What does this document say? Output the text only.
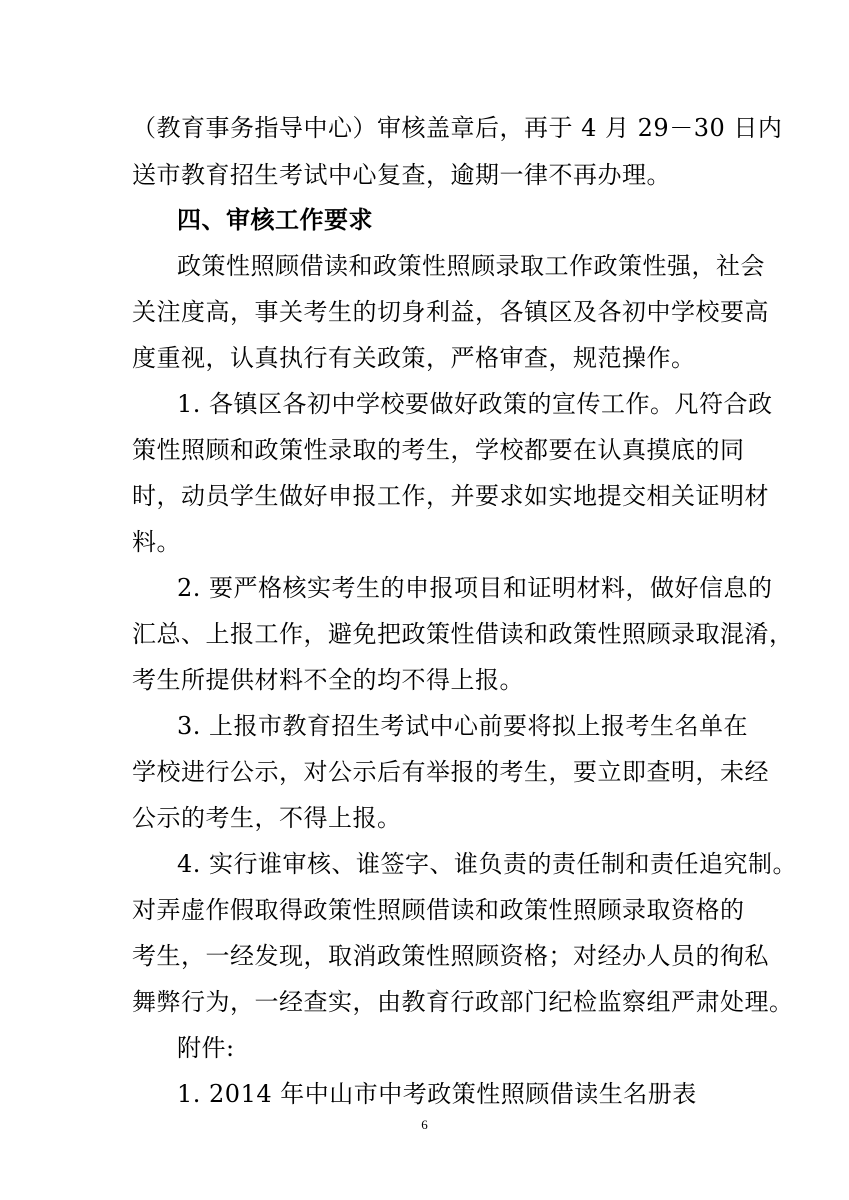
（教育事务指导中心）审核盖章后，再于 4 月 29－30 日内
送市教育招生考试中心复查，逾期一律不再办理。
四、审核工作要求
政策性照顾借读和政策性照顾录取工作政策性强，社会
关注度高，事关考生的切身利益，各镇区及各初中学校要高
度重视，认真执行有关政策，严格审查，规范操作。
1. 各镇区各初中学校要做好政策的宣传工作。凡符合政
策性照顾和政策性录取的考生，学校都要在认真摸底的同
时，动员学生做好申报工作，并要求如实地提交相关证明材
料。
2. 要严格核实考生的申报项目和证明材料，做好信息的
汇总、上报工作，避免把政策性借读和政策性照顾录取混淆，
考生所提供材料不全的均不得上报。
3. 上报市教育招生考试中心前要将拟上报考生名单在
学校进行公示，对公示后有举报的考生，要立即查明，未经
公示的考生，不得上报。
4. 实行谁审核、谁签字、谁负责的责任制和责任追究制。
对弄虚作假取得政策性照顾借读和政策性照顾录取资格的
考生，一经发现，取消政策性照顾资格；对经办人员的徇私
舞弊行为，一经查实，由教育行政部门纪检监察组严肃处理。
附件:
1. 2014 年中山市中考政策性照顾借读生名册表
6
